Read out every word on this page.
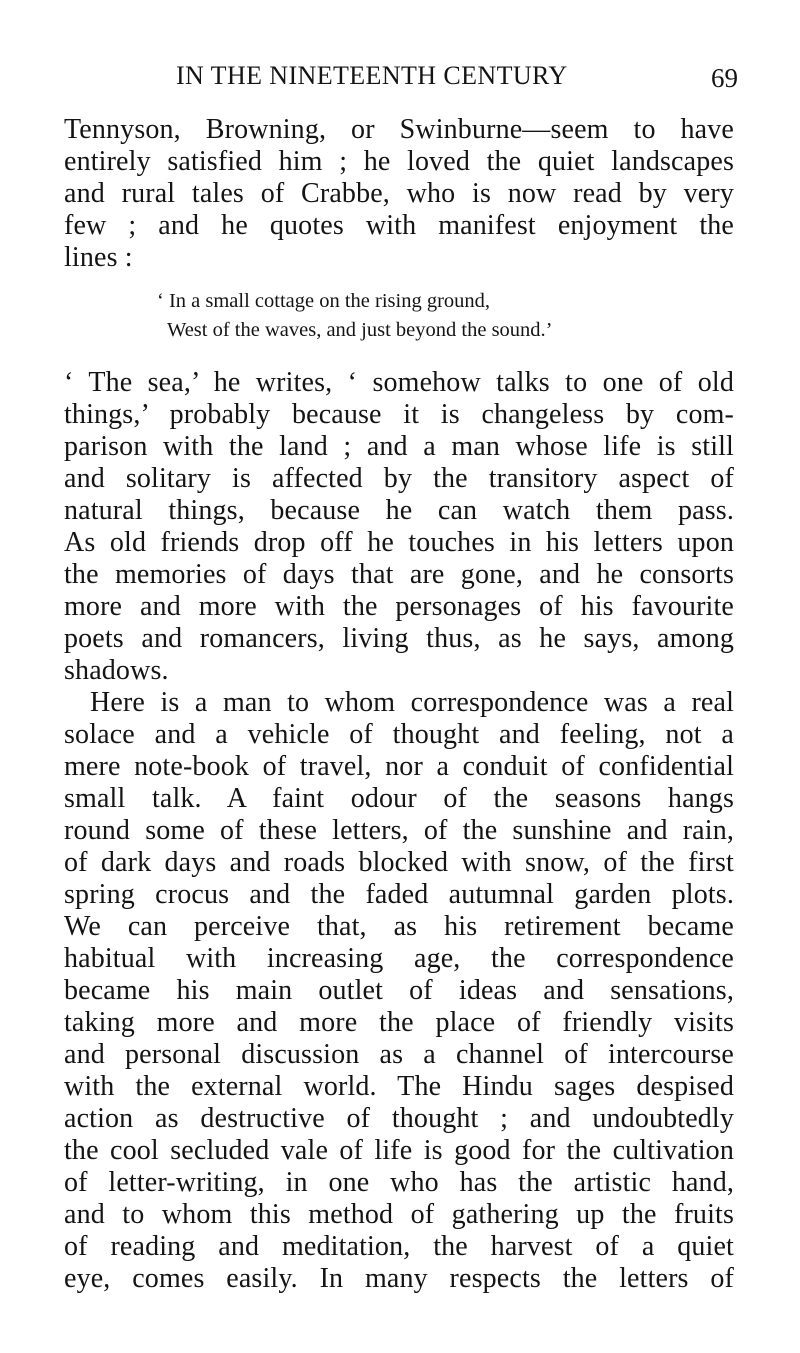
IN THE NINETEENTH CENTURY	69
Tennyson, Browning, or Swinburne—seem to have
entirely satisfied him ; he loved the quiet landscapes
and rural tales of Crabbe, who is now read by very
few ; and he quotes with manifest enjoyment the
lines :
‘ In a small cottage on the rising ground,
West of the waves, and just beyond the sound.’
‘ The sea,’ he writes, ‘ somehow talks to one of old
things,’ probably because it is changeless by com-
parison with the land ; and a man whose life is still
and solitary is affected by the transitory aspect of
natural things, because he can watch them pass.
As old friends drop off he touches in his letters upon
the memories of days that are gone, and he consorts
more and more with the personages of his favourite
poets and romancers, living thus, as he says, among
shadows.
Here is a man to whom correspondence was a real
solace and a vehicle of thought and feeling, not a
mere note-book of travel, nor a conduit of confidential
small talk. A faint odour of the seasons hangs
round some of these letters, of the sunshine and rain,
of dark days and roads blocked with snow, of the first
spring crocus and the faded autumnal garden plots.
We can perceive that, as his retirement became
habitual with increasing age, the correspondence
became his main outlet of ideas and sensations,
taking more and more the place of friendly visits
and personal discussion as a channel of intercourse
with the external world. The Hindu sages despised
action as destructive of thought ; and undoubtedly
the cool secluded vale of life is good for the cultivation
of letter-writing, in one who has the artistic hand,
and to whom this method of gathering up the fruits
of reading and meditation, the harvest of a quiet
eye, comes easily. In many respects the letters of
